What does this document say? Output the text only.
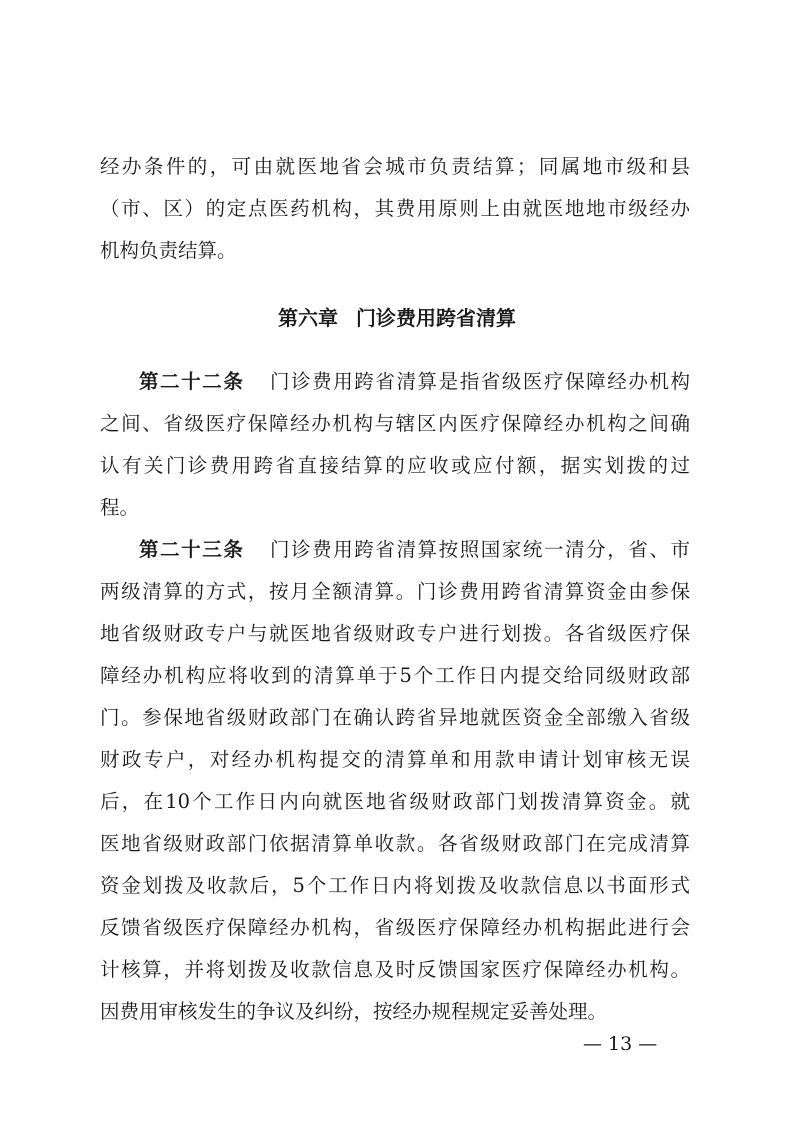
经办条件的，可由就医地省会城市负责结算；同属地市级和县
（市、区）的定点医药机构，其费用原则上由就医地地市级经办
机构负责结算。
第六章 门诊费用跨省清算
第二十二条 门诊费用跨省清算是指省级医疗保障经办机构
之间、省级医疗保障经办机构与辖区内医疗保障经办机构之间确
认有关门诊费用跨省直接结算的应收或应付额，据实划拨的过
程。
第二十三条 门诊费用跨省清算按照国家统一清分，省、市
两级清算的方式，按月全额清算。门诊费用跨省清算资金由参保
地省级财政专户与就医地省级财政专户进行划拨。各省级医疗保
障经办机构应将收到的清算单于5个工作日内提交给同级财政部
门。参保地省级财政部门在确认跨省异地就医资金全部缴入省级
财政专户，对经办机构提交的清算单和用款申请计划审核无误
后，在10个工作日内向就医地省级财政部门划拨清算资金。就
医地省级财政部门依据清算单收款。各省级财政部门在完成清算
资金划拨及收款后，5个工作日内将划拨及收款信息以书面形式
反馈省级医疗保障经办机构，省级医疗保障经办机构据此进行会
计核算，并将划拨及收款信息及时反馈国家医疗保障经办机构。
因费用审核发生的争议及纠纷，按经办规程规定妥善处理。
— 13 —
